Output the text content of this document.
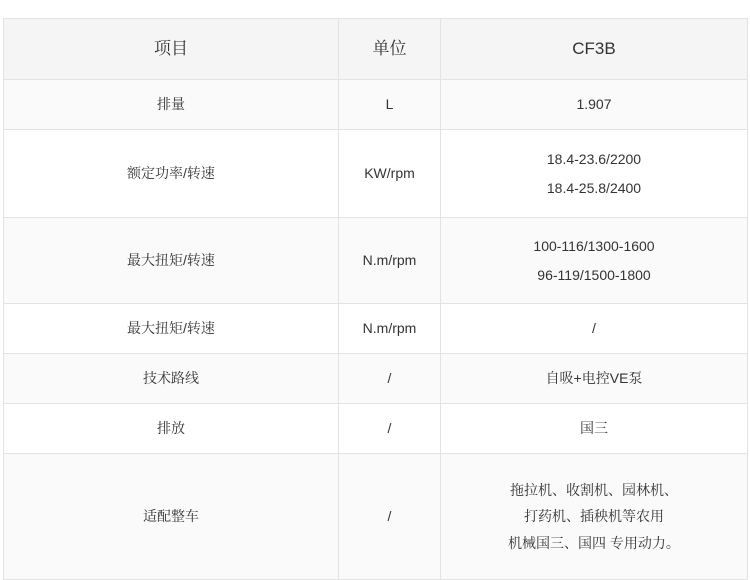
项目	单位	CF3B
排量	L	1.907

额定功率/转速	KW/rpm	18.4-23.6/2200
18.4-25.8/2400

最大扭矩/转速	N.m/rpm	100-116/1300-1600
96-119/1500-1800

最大扭矩/转速	N.m/rpm	/
技术路线	/	自吸+电控VE泵
排放	/	国三
适配整车	/	拖拉机、收割机、园林机、
打药机、插秧机等农用
机械国三、国四 专用动力。
